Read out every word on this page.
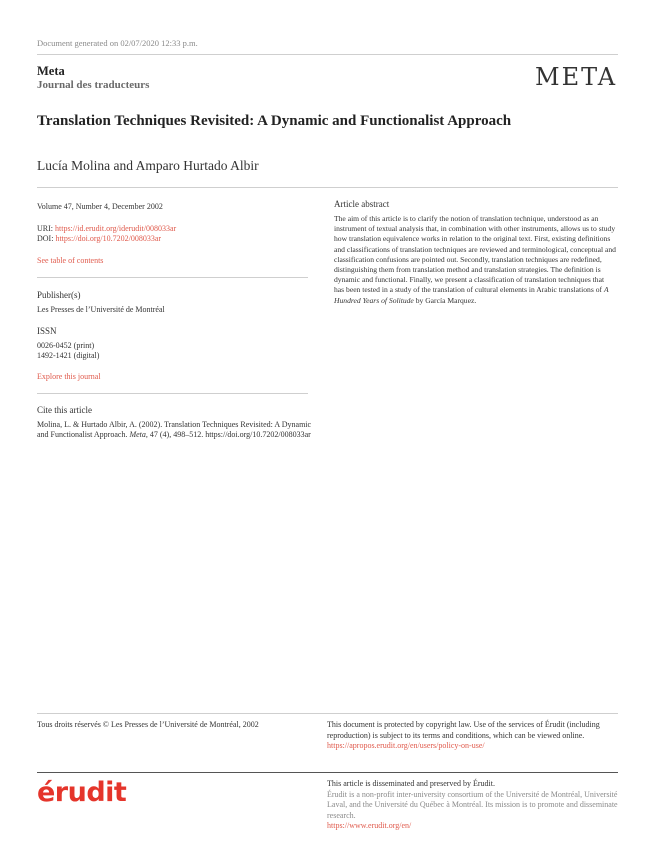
Document generated on 02/07/2020 12:33 p.m.
Meta
Journal des traducteurs	MΕTA
Translation Techniques Revisited: A Dynamic and Functionalist Approach
Lucía Molina and Amparo Hurtado Albir
Volume 47, Number 4, December 2002
URI: https://id.erudit.org/iderudit/008033ar
DOI: https://doi.org/10.7202/008033ar
See table of contents
Publisher(s)
Les Presses de l’Université de Montréal
ISSN
0026-0452 (print)
1492-1421 (digital)
Explore this journal
Cite this article
Molina, L. & Hurtado Albir, A. (2002). Translation Techniques Revisited: A Dynamic
and Functionalist Approach. Meta, 47 (4), 498–512. https://doi.org/10.7202/008033ar
Article abstract
The aim of this article is to clarify the notion of translation technique, understood as an instrument of textual analysis that, in combination with other instruments, allows us to study how translation equivalence works in relation to the original text. First, existing definitions and classifications of translation techniques are reviewed and terminological, conceptual and classification confusions are pointed out. Secondly, translation techniques are redefined, distinguishing them from translation method and translation strategies. The definition is dynamic and functional. Finally, we present a classification of translation techniques that has been tested in a study of the translation of cultural elements in Arabic translations of A Hundred Years of Solitude by García Marquez.
Tous droits réservés © Les Presses de l’Université de Montréal, 2002	This document is protected by copyright law. Use of the services of Érudit (including reproduction) is subject to its terms and conditions, which can be viewed online.
https://apropos.erudit.org/en/users/policy-on-use/
érudit	This article is disseminated and preserved by Érudit.
Érudit is a non-profit inter-university consortium of the Université de Montréal, Université Laval, and the Université du Québec à Montréal. Its mission is to promote and disseminate research.
https://www.erudit.org/en/
